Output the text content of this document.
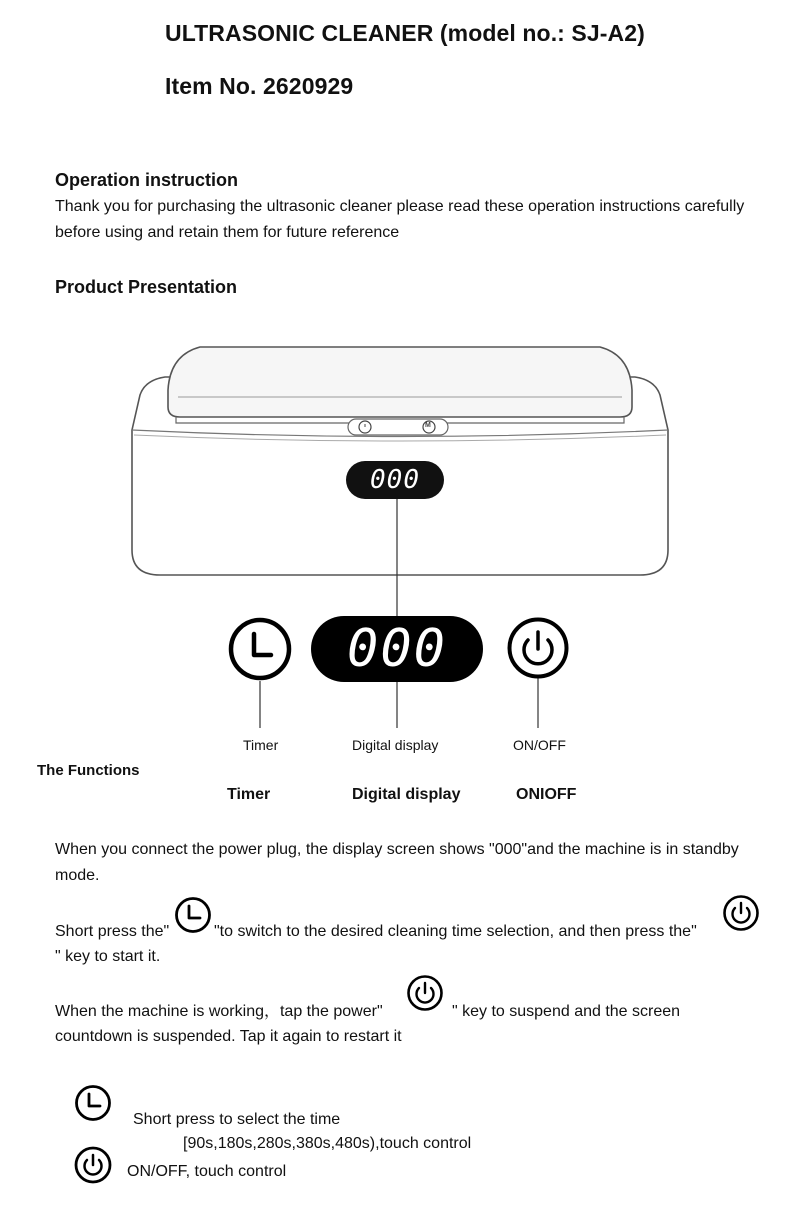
ULTRASONIC CLEANER (model no.: SJ-A2)
Item No. 2620929
Operation instruction
Thank you for purchasing the ultrasonic cleaner please read these operation instructions carefully
before using and retain them for future reference
Product Presentation
M
000
000
Timer	Digital display	ON/OFF
The Functions
Timer	Digital display	ONIOFF
When you connect the power plug, the display screen shows "000"and the machine is in standby
mode.
Short press the"	"to switch to the desired cleaning time selection, and then press the"
" key to start it.
When the machine is working，tap the power"	" key to suspend and the screen
countdown is suspended. Tap it again to restart it
Short press to select the time
[90s,180s,280s,380s,480s),touch control
ON/OFF, touch control
